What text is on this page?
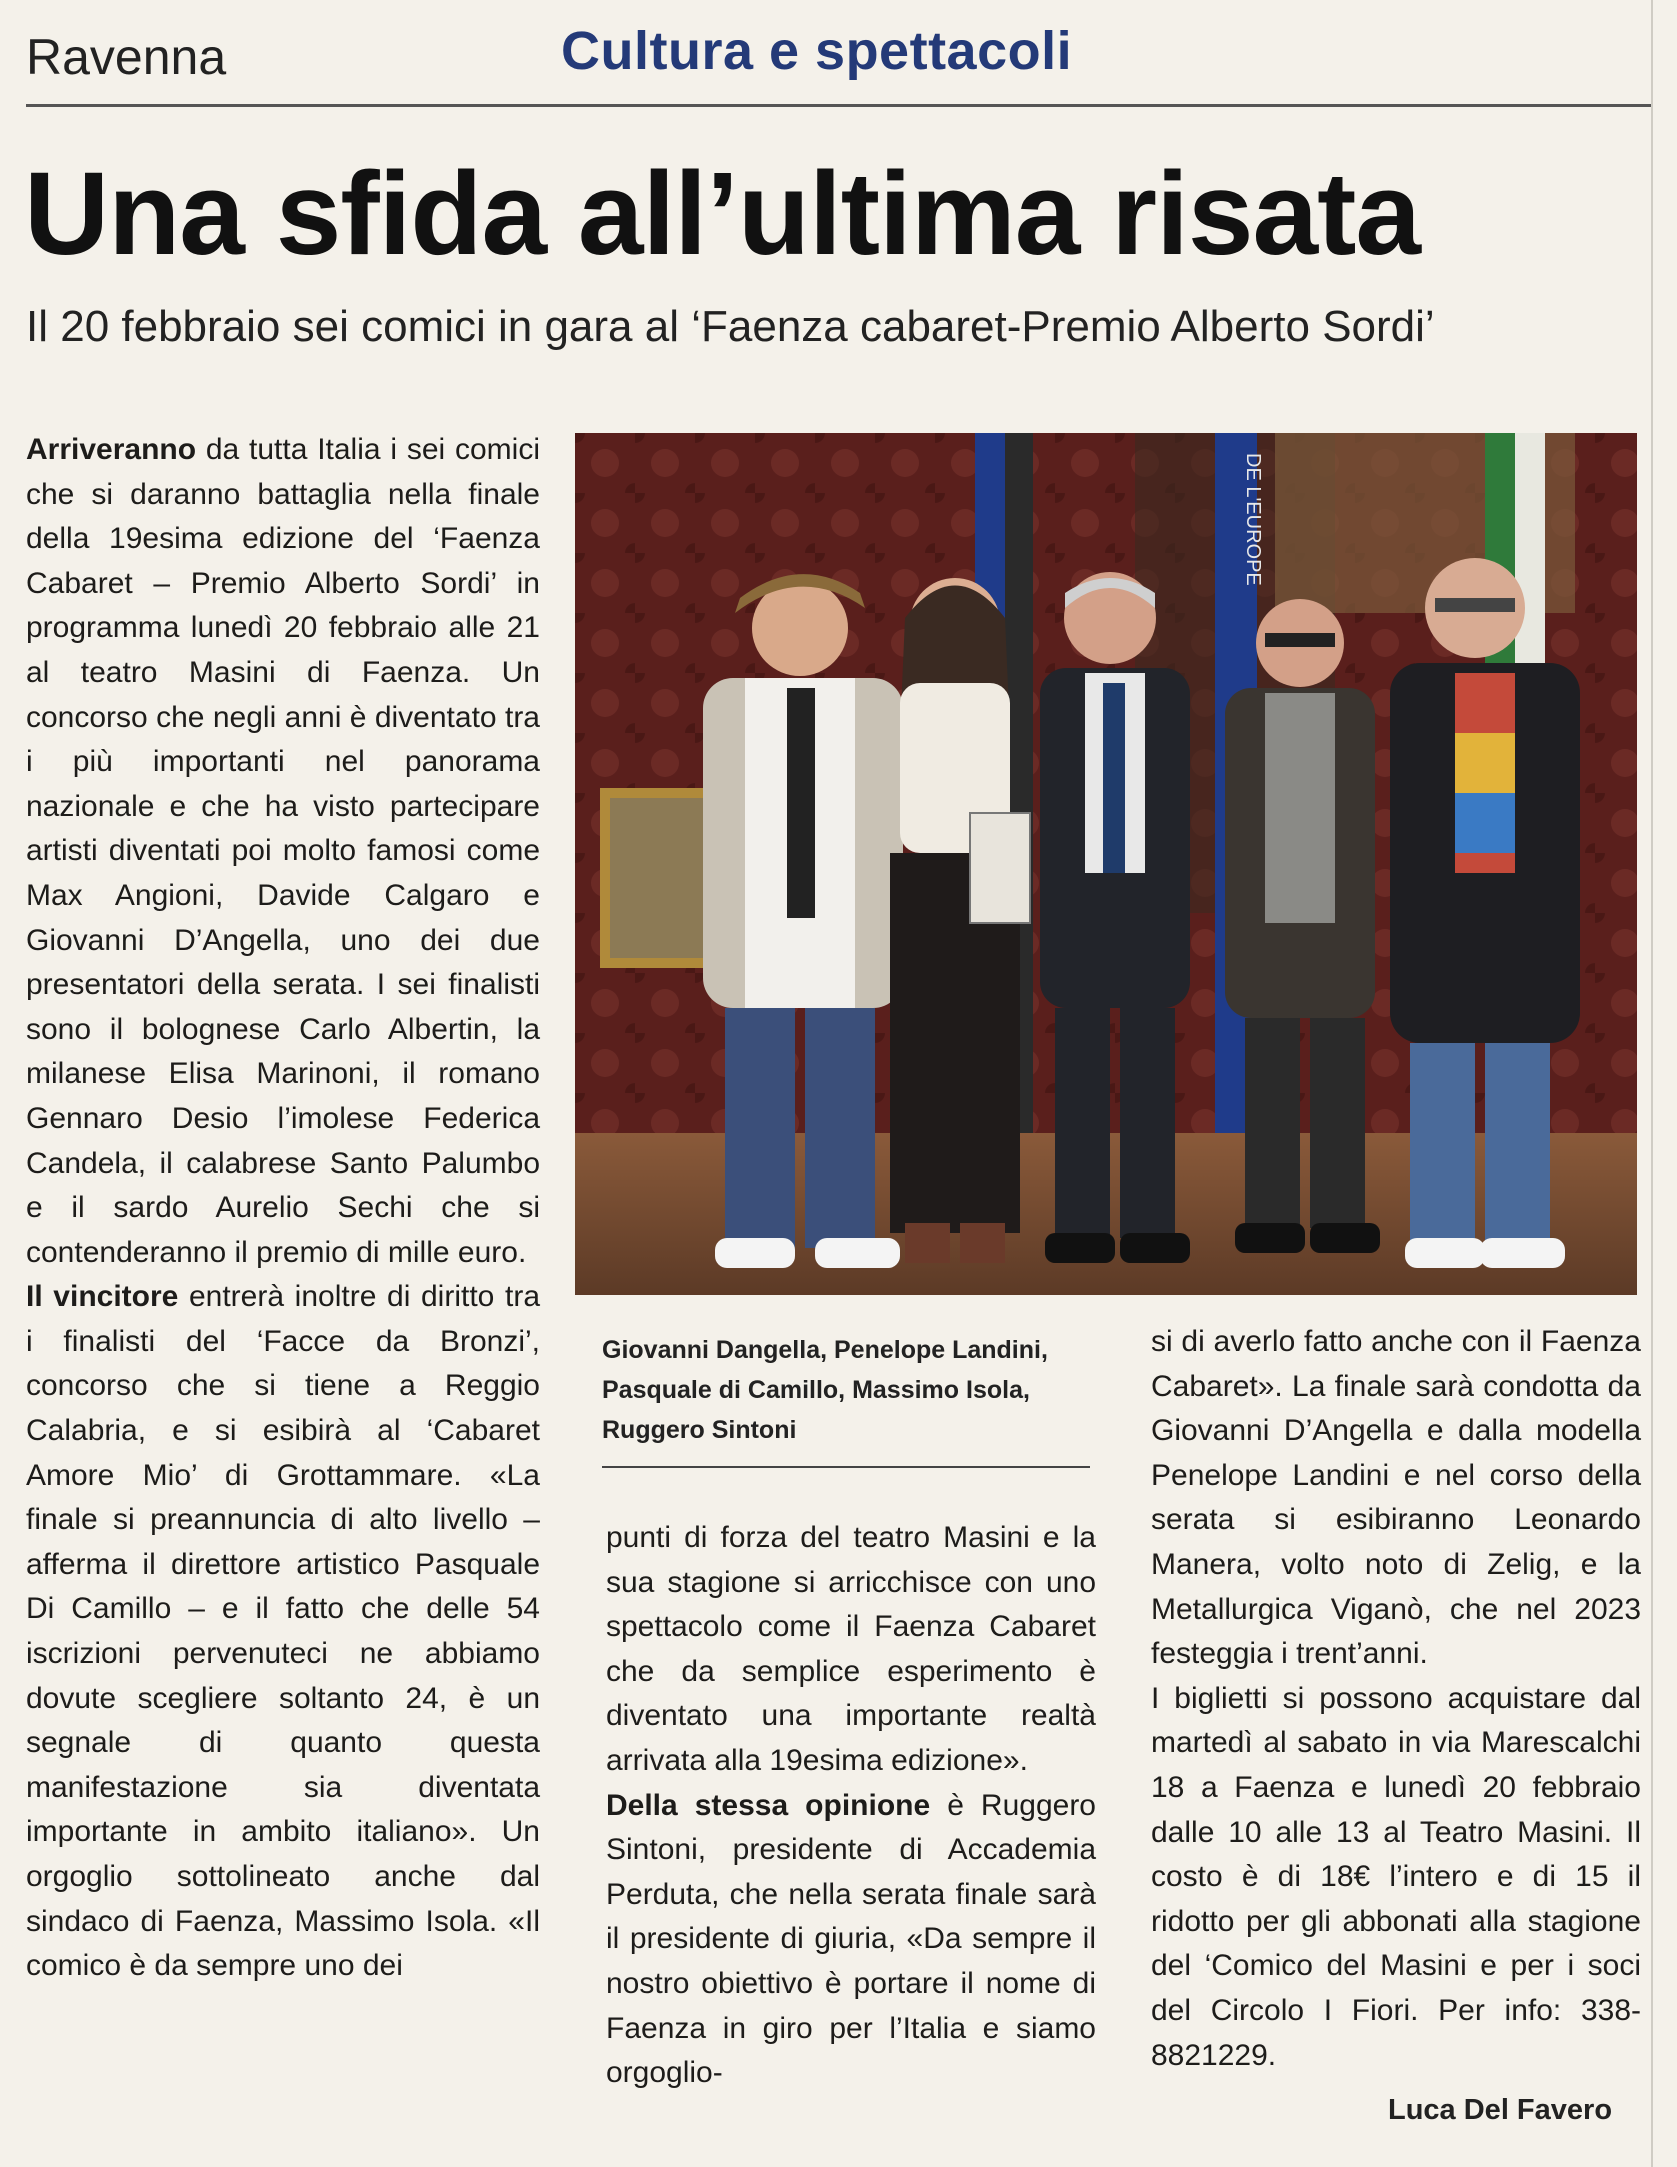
Ravenna	Cultura e spettacoli
Una sfida all’ultima risata
Il 20 febbraio sei comici in gara al ‘Faenza cabaret-Premio Alberto Sordi’

Arriveranno da tutta Italia i sei comici che si daranno battaglia nella finale della 19esima edizione del ‘Faenza Cabaret – Premio Alberto Sordi’ in programma lunedì 20 febbraio alle 21 al teatro Masini di Faenza. Un concorso che negli anni è diventato tra i più importanti nel panorama nazionale e che ha visto partecipare artisti diventati poi molto famosi come Max Angioni, Davide Calgaro e Giovanni D’Angella, uno dei due presentatori della serata. I sei finalisti sono il bolognese Carlo Albertin, la milanese Elisa Marinoni, il romano Gennaro Desio l’imolese Federica Candela, il calabrese Santo Palumbo e il sardo Aurelio Sechi che si contenderanno il premio di mille euro.

Il vincitore entrerà inoltre di diritto tra i finalisti del ‘Facce da Bronzi’, concorso che si tiene a Reggio Calabria, e si esibirà al ‘Cabaret Amore Mio’ di Grottammare. «La finale si preannuncia di alto livello – afferma il direttore artistico Pasquale Di Camillo – e il fatto che delle 54 iscrizioni pervenuteci ne abbiamo dovute scegliere soltanto 24, è un segnale di quanto questa manifestazione sia diventata importante in ambito italiano». Un orgoglio sottolineato anche dal sindaco di Faenza, Massimo Isola. «Il comico è da sempre uno dei

DE L'EUROPE
Giovanni Dangella, Penelope Landini, Pasquale di Camillo, Massimo Isola, Ruggero Sintoni

punti di forza del teatro Masini e la sua stagione si arricchisce con uno spettacolo come il Faenza Cabaret che da semplice esperimento è diventato una importante realtà arrivata alla 19esima edizione».

Della stessa opinione è Ruggero Sintoni, presidente di Accademia Perduta, che nella serata finale sarà il presidente di giuria, «Da sempre il nostro obiettivo è portare il nome di Faenza in giro per l’Italia e siamo orgoglio-

si di averlo fatto anche con il Faenza Cabaret». La finale sarà condotta da Giovanni D’Angella e dalla modella Penelope Landini e nel corso della serata si esibiranno Leonardo Manera, volto noto di Zelig, e la Metallurgica Viganò, che nel 2023 festeggia i trent’anni.

I biglietti si possono acquistare dal martedì al sabato in via Marescalchi 18 a Faenza e lunedì 20 febbraio dalle 10 alle 13 al Teatro Masini. Il costo è di 18€ l’intero e di 15 il ridotto per gli abbonati alla stagione del ‘Comico del Masini e per i soci del Circolo I Fiori. Per info: 338-8821229.

Luca Del Favero
